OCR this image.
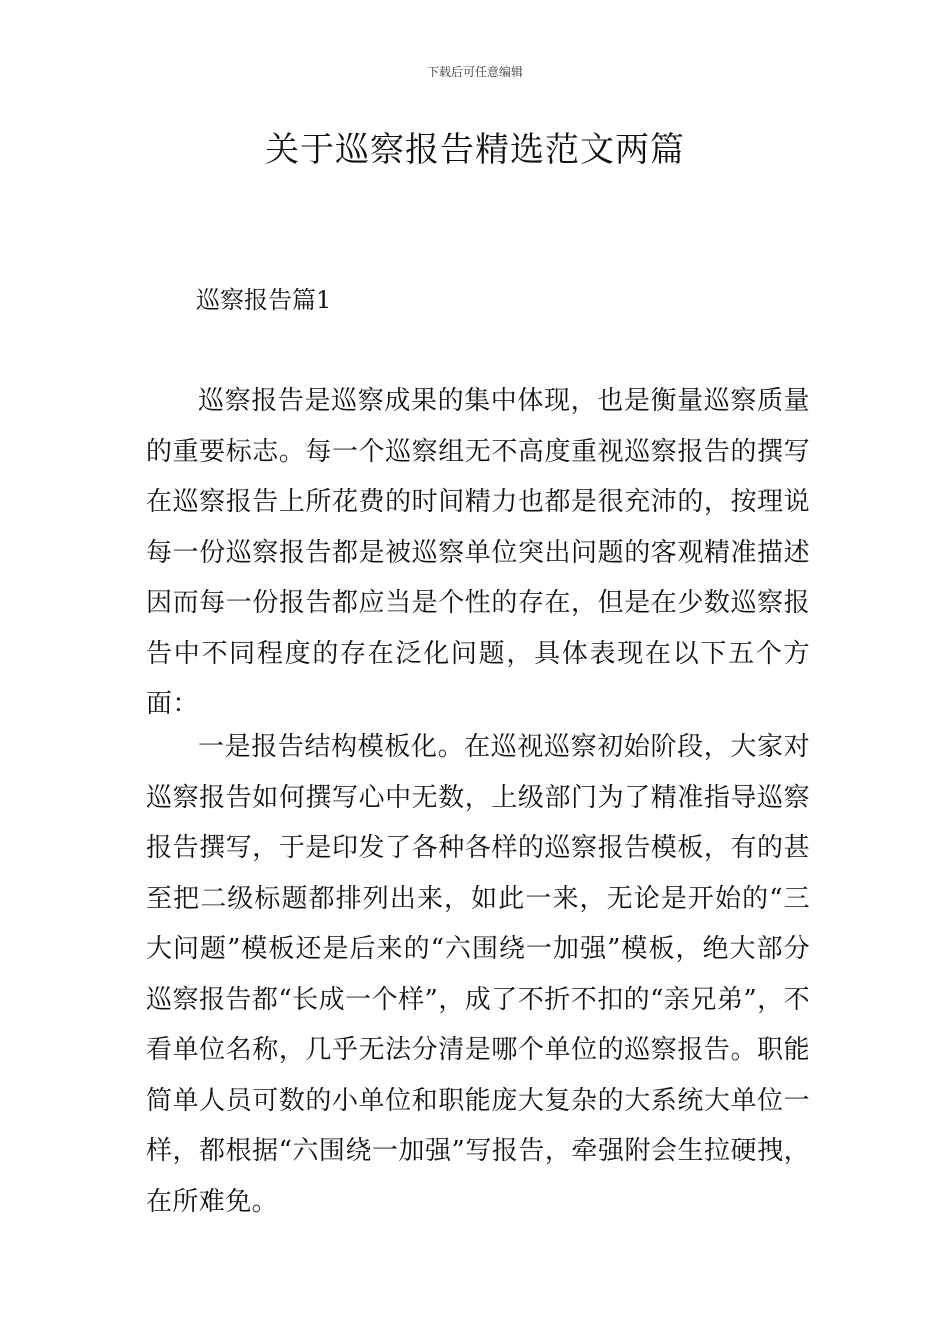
下载后可任意编辑
关于巡察报告精选范文两篇
巡察报告篇1

巡察报告是巡察成果的集中体现，也是衡量巡察质量的重要标志。每一个巡察组无不高度重视巡察报告的撰写在巡察报告上所花费的时间精力也都是很充沛的，按理说每一份巡察报告都是被巡察单位突出问题的客观精准描述因而每一份报告都应当是个性的存在，但是在少数巡察报告中不同程度的存在泛化问题，具体表现在以下五个方面：

一是报告结构模板化。在巡视巡察初始阶段，大家对巡察报告如何撰写心中无数，上级部门为了精准指导巡察报告撰写，于是印发了各种各样的巡察报告模板，有的甚至把二级标题都排列出来，如此一来，无论是开始的“三大问题”模板还是后来的“六围绕一加强”模板，绝大部分巡察报告都“长成一个样”，成了不折不扣的“亲兄弟”，不看单位名称，几乎无法分清是哪个单位的巡察报告。职能简单人员可数的小单位和职能庞大复杂的大系统大单位一样，都根据“六围绕一加强”写报告，牵强附会生拉硬拽，在所难免。
